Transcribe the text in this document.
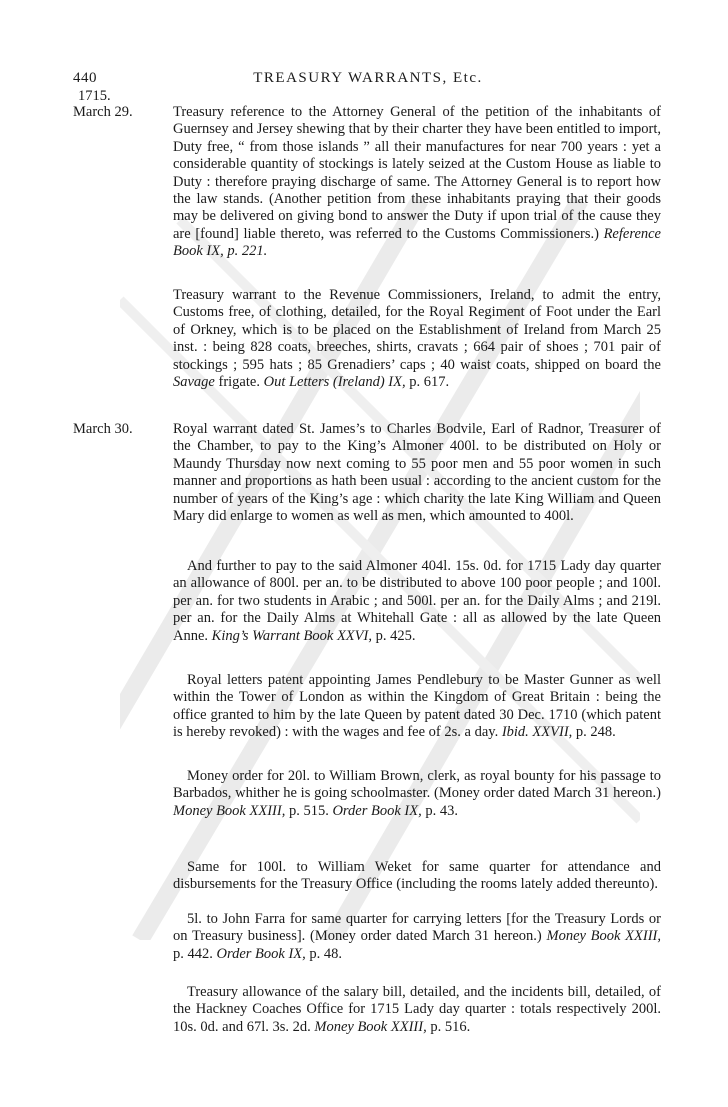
440	TREASURY WARRANTS, Etc.
1715.
March 29.	Treasury reference to the Attorney General of the petition of the inhabitants of Guernsey and Jersey shewing that by their charter they have been entitled to import, Duty free, “ from those islands ” all their manufactures for near 700 years : yet a considerable quantity of stockings is lately seized at the Custom House as liable to Duty : therefore praying discharge of same. The Attorney General is to report how the law stands. (Another petition from these inhabitants praying that their goods may be delivered on giving bond to answer the Duty if upon trial of the cause they are [found] liable thereto, was referred to the Customs Commissioners.) Reference Book IX, p. 221.

Treasury warrant to the Revenue Commissioners, Ireland, to admit the entry, Customs free, of clothing, detailed, for the Royal Regiment of Foot under the Earl of Orkney, which is to be placed on the Establishment of Ireland from March 25 inst. : being 828 coats, breeches, shirts, cravats ; 664 pair of shoes ; 701 pair of stockings ; 595 hats ; 85 Grenadiers’ caps ; 40 waist coats, shipped on board the Savage frigate. Out Letters (Ireland) IX, p. 617.

March 30.	Royal warrant dated St. James’s to Charles Bodvile, Earl of Radnor, Treasurer of the Chamber, to pay to the King’s Almoner 400l. to be distributed on Holy or Maundy Thursday now next coming to 55 poor men and 55 poor women in such manner and proportions as hath been usual : according to the ancient custom for the number of years of the King’s age : which charity the late King William and Queen Mary did enlarge to women as well as men, which amounted to 400l.

And further to pay to the said Almoner 404l. 15s. 0d. for 1715 Lady day quarter an allowance of 800l. per an. to be distributed to above 100 poor people ; and 100l. per an. for two students in Arabic ; and 500l. per an. for the Daily Alms ; and 219l. per an. for the Daily Alms at Whitehall Gate : all as allowed by the late Queen Anne. King’s Warrant Book XXVI, p. 425.

Royal letters patent appointing James Pendlebury to be Master Gunner as well within the Tower of London as within the Kingdom of Great Britain : being the office granted to him by the late Queen by patent dated 30 Dec. 1710 (which patent is hereby revoked) : with the wages and fee of 2s. a day. Ibid. XXVII, p. 248.

Money order for 20l. to William Brown, clerk, as royal bounty for his passage to Barbados, whither he is going schoolmaster. (Money order dated March 31 hereon.) Money Book XXIII, p. 515. Order Book IX, p. 43.

Same for 100l. to William Weket for same quarter for attendance and disbursements for the Treasury Office (including the rooms lately added thereunto).

5l. to John Farra for same quarter for carrying letters [for the Treasury Lords or on Treasury business]. (Money order dated March 31 hereon.) Money Book XXIII, p. 442. Order Book IX, p. 48.

Treasury allowance of the salary bill, detailed, and the incidents bill, detailed, of the Hackney Coaches Office for 1715 Lady day quarter : totals respectively 200l. 10s. 0d. and 67l. 3s. 2d. Money Book XXIII, p. 516.
